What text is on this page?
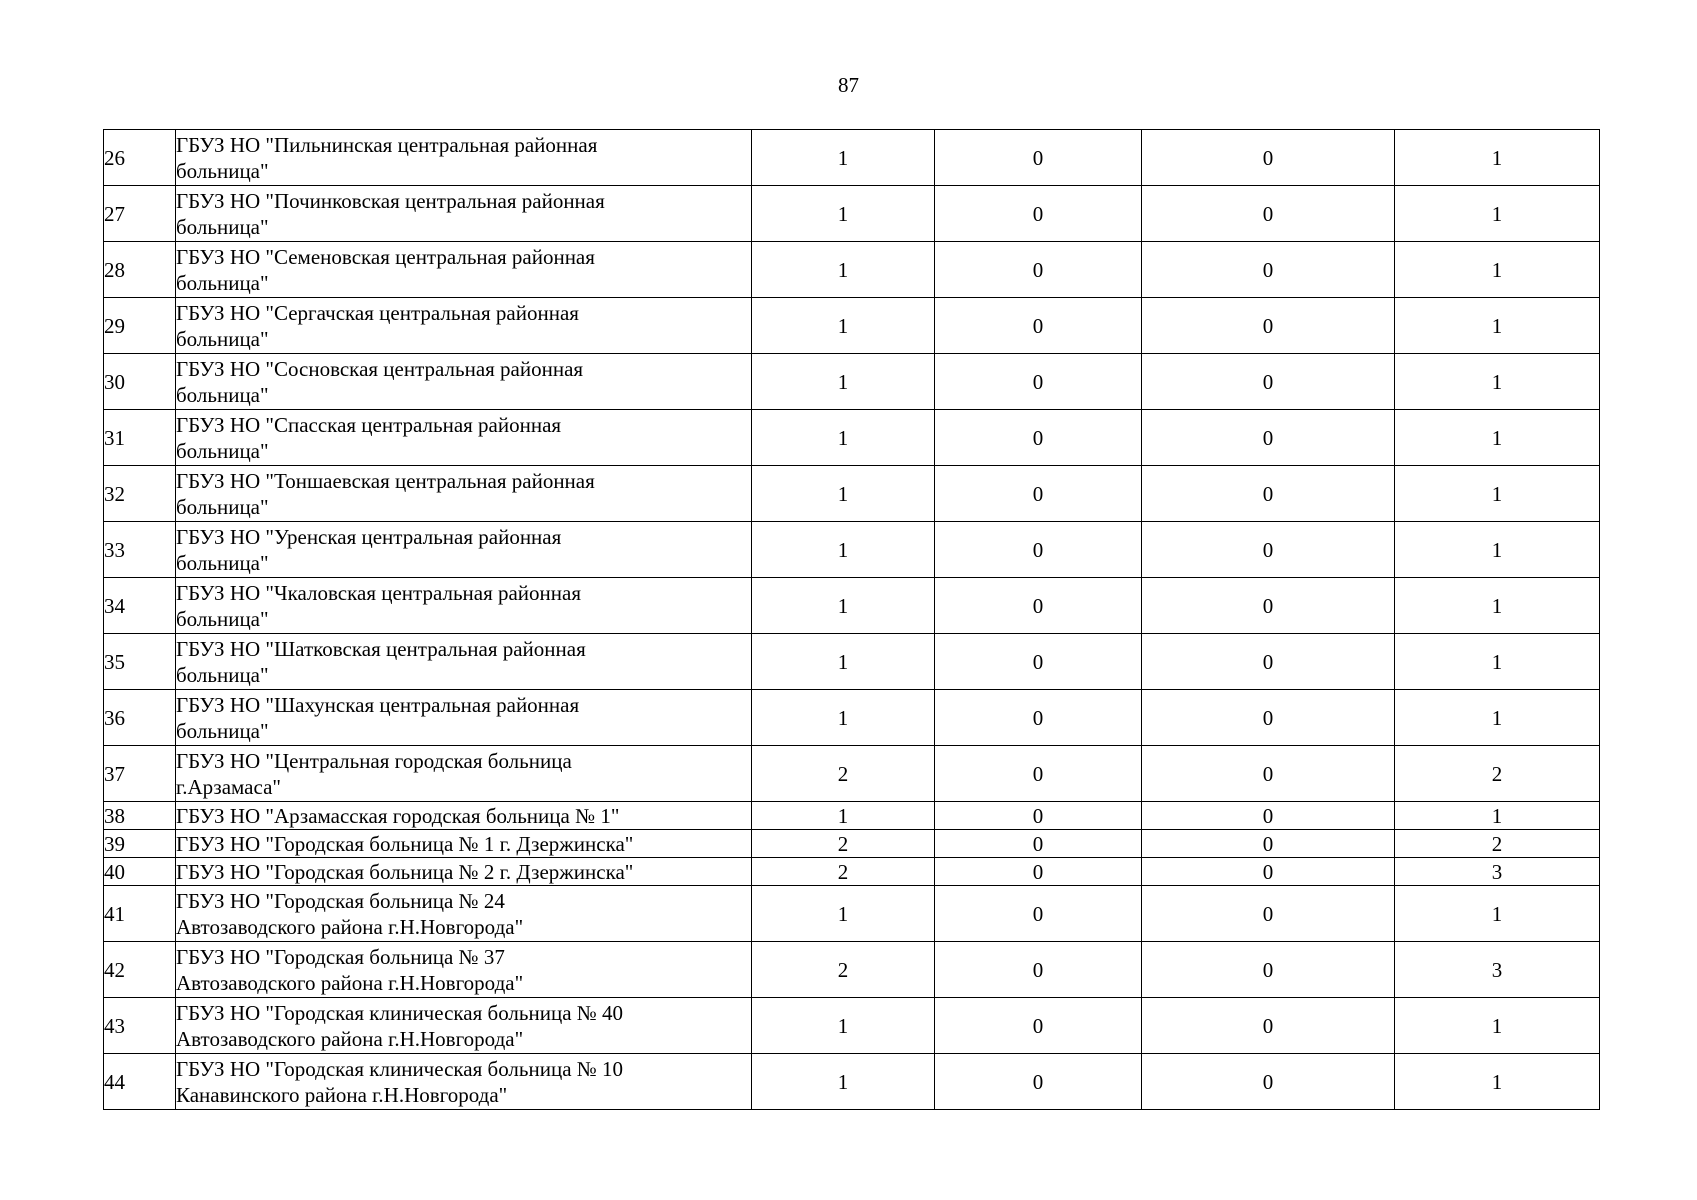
87
26	ГБУЗ НО "Пильнинская центральная районная
больница"	1	0	0	1
27	ГБУЗ НО "Починковская центральная районная
больница"	1	0	0	1
28	ГБУЗ НО "Семеновская центральная районная
больница"	1	0	0	1
29	ГБУЗ НО "Сергачская центральная районная
больница"	1	0	0	1
30	ГБУЗ НО "Сосновская центральная районная
больница"	1	0	0	1
31	ГБУЗ НО "Спасская центральная районная
больница"	1	0	0	1
32	ГБУЗ НО "Тоншаевская центральная районная
больница"	1	0	0	1
33	ГБУЗ НО "Уренская центральная районная
больница"	1	0	0	1
34	ГБУЗ НО "Чкаловская центральная районная
больница"	1	0	0	1
35	ГБУЗ НО "Шатковская центральная районная
больница"	1	0	0	1
36	ГБУЗ НО "Шахунская центральная районная
больница"	1	0	0	1
37	ГБУЗ НО "Центральная городская больница
г.Арзамаса"	2	0	0	2
38	ГБУЗ НО "Арзамасская городская больница № 1"	1	0	0	1
39	ГБУЗ НО "Городская больница № 1 г. Дзержинска"	2	0	0	2
40	ГБУЗ НО "Городская больница № 2 г. Дзержинска"	2	0	0	3
41	ГБУЗ НО "Городская больница № 24
Автозаводского района г.Н.Новгорода"	1	0	0	1
42	ГБУЗ НО "Городская больница № 37
Автозаводского района г.Н.Новгорода"	2	0	0	3
43	ГБУЗ НО "Городская клиническая больница № 40
Автозаводского района г.Н.Новгорода"	1	0	0	1
44	ГБУЗ НО "Городская клиническая больница № 10
Канавинского района г.Н.Новгорода"	1	0	0	1
